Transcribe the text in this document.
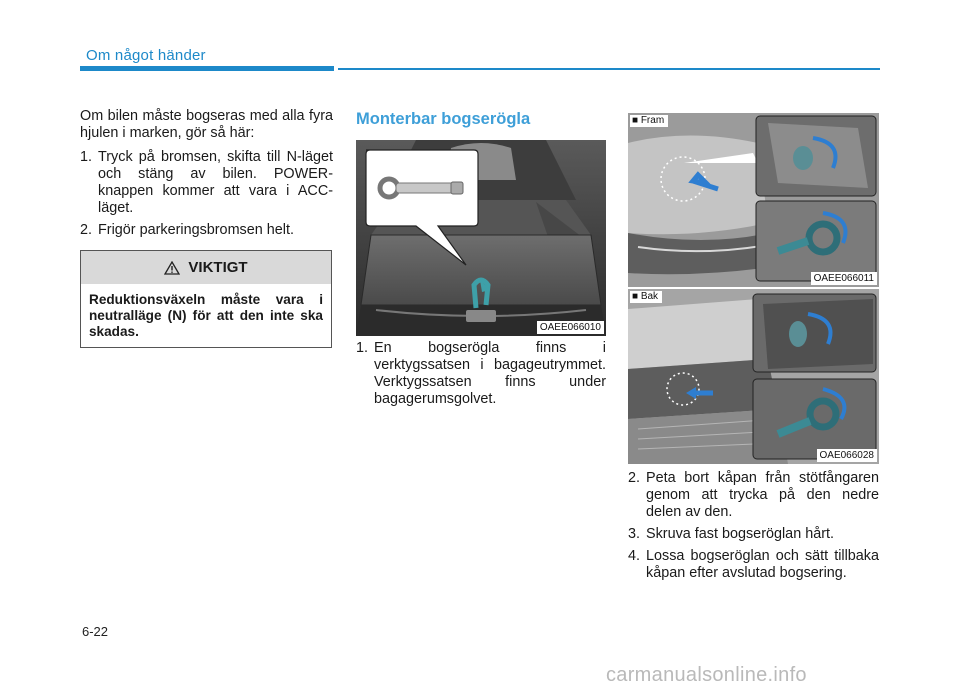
Om något händer

Om bilen måste bogseras med alla fyra hjulen i marken, gör så här:

1. Tryck på bromsen, skifta till N-läget och stäng av bilen. POWER-knappen kommer att vara i ACC-läget.
2. Frigör parkeringsbromsen helt.
VIKTIGT
Reduktionsväxeln måste vara i neutralläge (N) för att den inte ska skadas.
Monterbar bogserögla
OAEE066010
■ Fram
OAEE066011
■ Bak
OAE066028
1. En bogserögla finns i verktygssatsen i bagageutrymmet. Verktygssatsen finns under bagagerumsgolvet.
2. Peta bort kåpan från stötfångaren genom att trycka på den nedre delen av den.
3. Skruva fast bogseröglan hårt.
4. Lossa bogseröglan och sätt tillbaka kåpan efter avslutad bogsering.
6-22
carmanualsonline.info
